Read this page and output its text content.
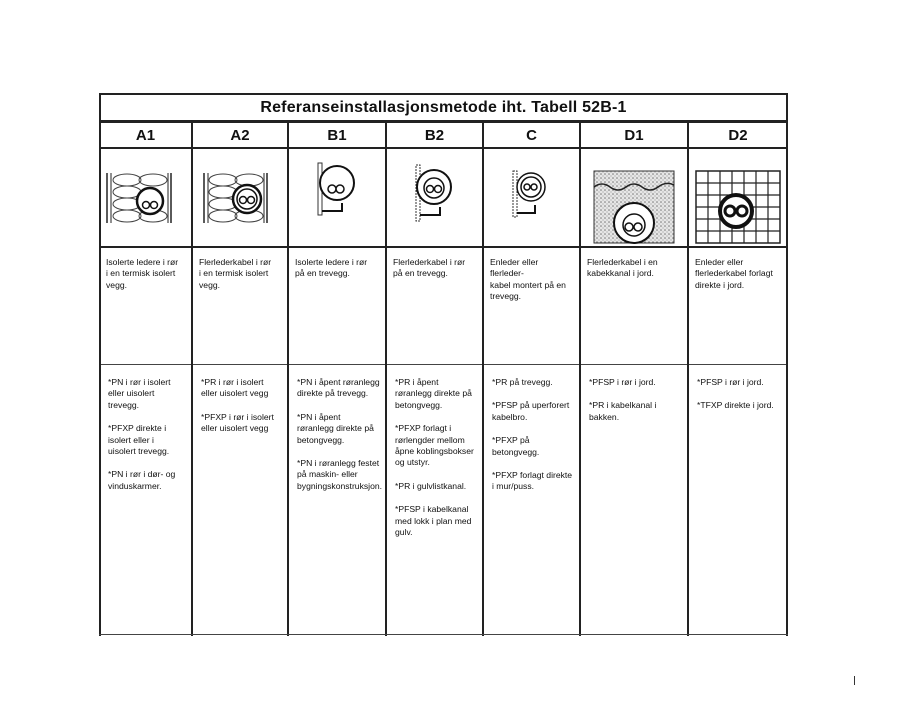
Referanseinstallasjonsmetode iht. Tabell 52B-1
A1
Isolerte ledere i rør
i en termisk isolert
vegg.

*PN i rør i isolert
eller uisolert
trevegg.

*PFXP direkte i
isolert eller i
uisolert trevegg.

*PN i rør i dør- og
vinduskarmer.

A2
Flerlederkabel i rør
i en termisk isolert
vegg.

*PR i rør i isolert
eller uisolert vegg

*PFXP i rør i isolert
eller uisolert vegg

B1
Isolerte ledere i rør
på en trevegg.

*PN i åpent røranlegg
direkte på trevegg.

*PN i åpent
røranlegg direkte på
betongvegg.

*PN i røranlegg festet
på maskin- eller
bygningskonstruksjon.

B2
Flerlederkabel i rør
på en trevegg.

*PR i åpent
røranlegg direkte på
betongvegg.

*PFXP forlagt i
rørlengder mellom
åpne koblingsbokser
og utstyr.

*PR i gulvlistkanal.

*PFSP i kabelkanal
med lokk i plan med
gulv.

C
Enleder eller
flerleder-
kabel montert på en
trevegg.

*PR på trevegg.

*PFSP på uperforert
kabelbro.

*PFXP på betongvegg.

*PFXP forlagt direkte
i mur/puss.

D1
Flerlederkabel i en
kabekkanal i jord.

*PFSP i rør i jord.

*PR i kabelkanal i
bakken.

D2
Enleder eller
flerlederkabel forlagt
direkte i jord.

*PFSP i rør i jord.

*TFXP direkte i jord.
